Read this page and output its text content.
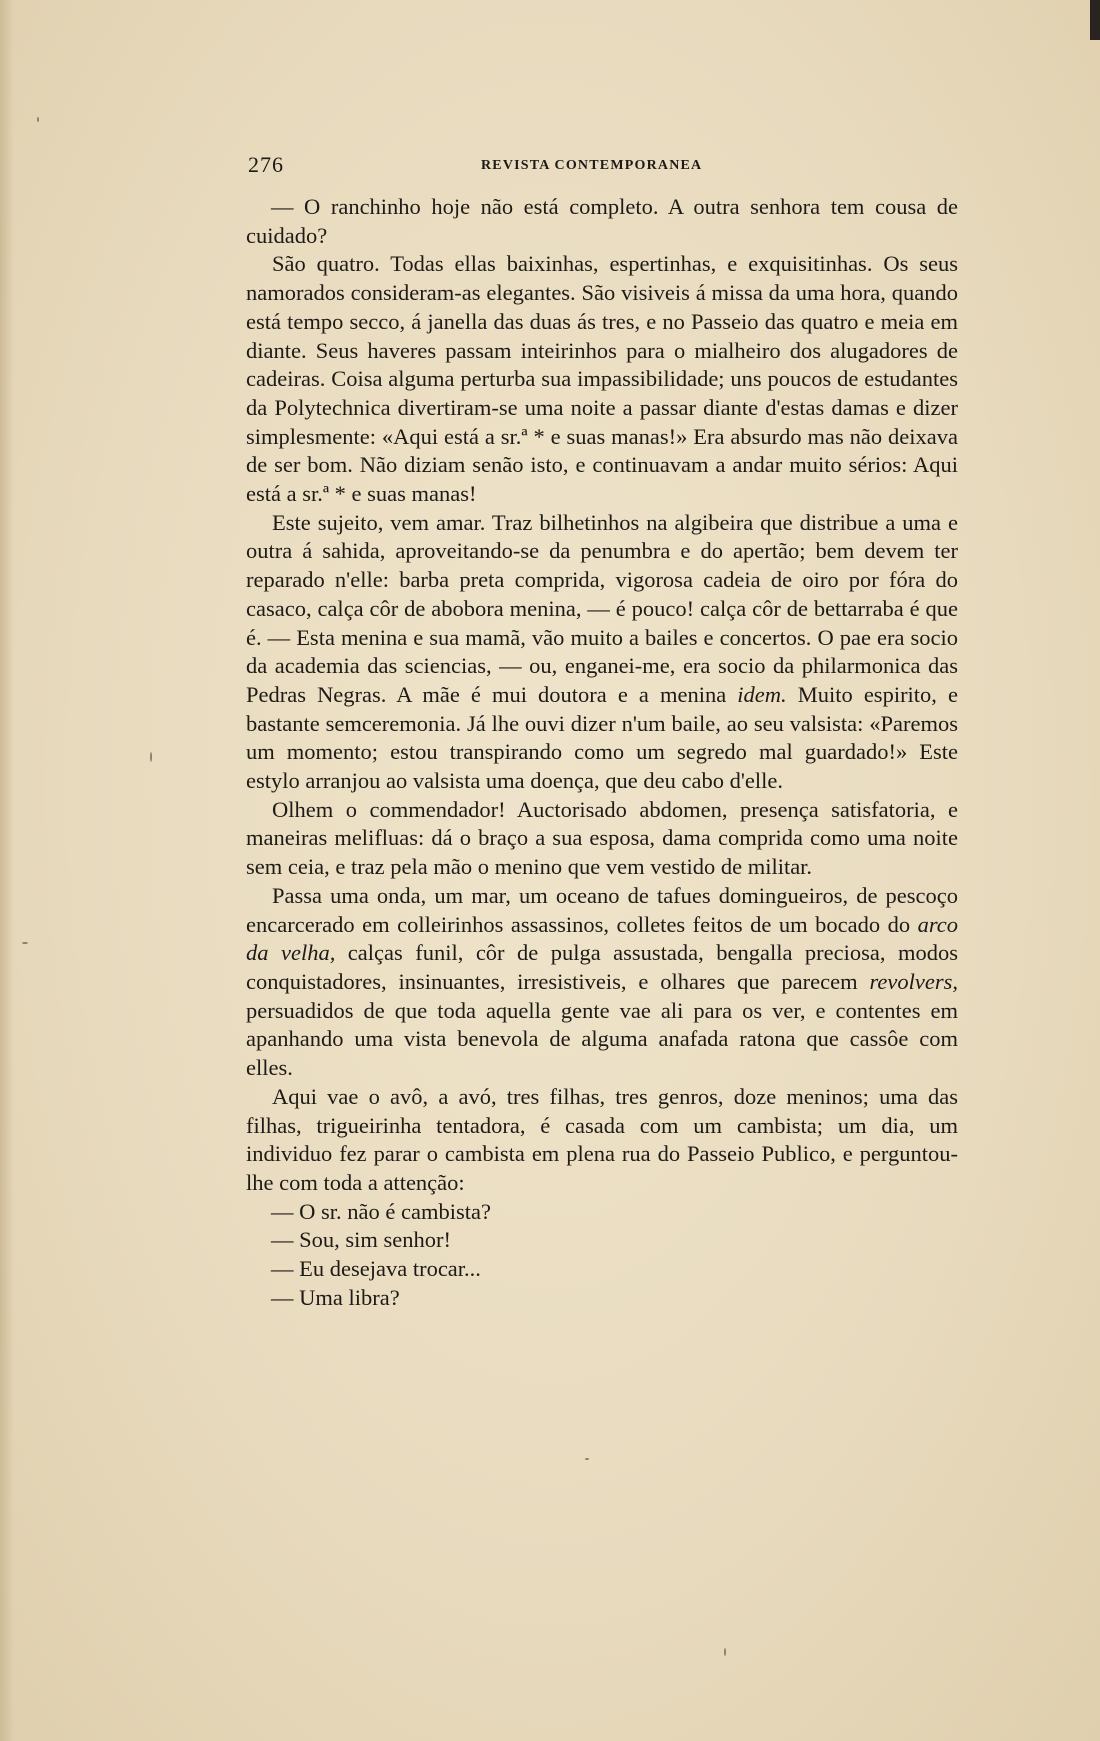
276	REVISTA CONTEMPORANEA

— O ranchinho hoje não está completo. A outra senhora tem cousa de cuidado?

São quatro. Todas ellas baixinhas, espertinhas, e exquisitinhas. Os seus namorados consideram-as elegantes. São visiveis á missa da uma hora, quando está tempo secco, á janella das duas ás tres, e no Passeio das quatro e meia em diante. Seus haveres passam inteirinhos para o mialheiro dos alugadores de cadeiras. Coisa alguma perturba sua impassibilidade; uns poucos de estudantes da Polytechnica divertiram-se uma noite a passar diante d'estas damas e dizer simplesmente: «Aqui está a sr.ª * e suas manas!» Era absurdo mas não deixava de ser bom. Não diziam senão isto, e continuavam a andar muito sérios: Aqui está a sr.ª * e suas manas!

Este sujeito, vem amar. Traz bilhetinhos na algibeira que distribue a uma e outra á sahida, aproveitando-se da penumbra e do apertão; bem devem ter reparado n'elle: barba preta comprida, vigorosa cadeia de oiro por fóra do casaco, calça côr de abobora menina, — é pouco! calça côr de bettarraba é que é. — Esta menina e sua mamã, vão muito a bailes e concertos. O pae era socio da academia das sciencias, — ou, enganei-me, era socio da philarmonica das Pedras Negras. A mãe é mui doutora e a menina idem. Muito espirito, e bastante semceremonia. Já lhe ouvi dizer n'um baile, ao seu valsista: «Paremos um momento; estou transpirando como um segredo mal guardado!» Este estylo arranjou ao valsista uma doença, que deu cabo d'elle.

Olhem o commendador! Auctorisado abdomen, presença satisfatoria, e maneiras melifluas: dá o braço a sua esposa, dama comprida como uma noite sem ceia, e traz pela mão o menino que vem vestido de militar.

Passa uma onda, um mar, um oceano de tafues domingueiros, de pescoço encarcerado em colleirinhos assassinos, colletes feitos de um bocado do arco da velha, calças funil, côr de pulga assustada, bengalla preciosa, modos conquistadores, insinuantes, irresistiveis, e olhares que parecem revolvers, persuadidos de que toda aquella gente vae ali para os ver, e contentes em apanhando uma vista benevola de alguma anafada ratona que cassôe com elles.

Aqui vae o avô, a avó, tres filhas, tres genros, doze meninos; uma das filhas, trigueirinha tentadora, é casada com um cambista; um dia, um individuo fez parar o cambista em plena rua do Passeio Publico, e perguntou-lhe com toda a attenção:

— O sr. não é cambista?

— Sou, sim senhor!

— Eu desejava trocar...

— Uma libra?
